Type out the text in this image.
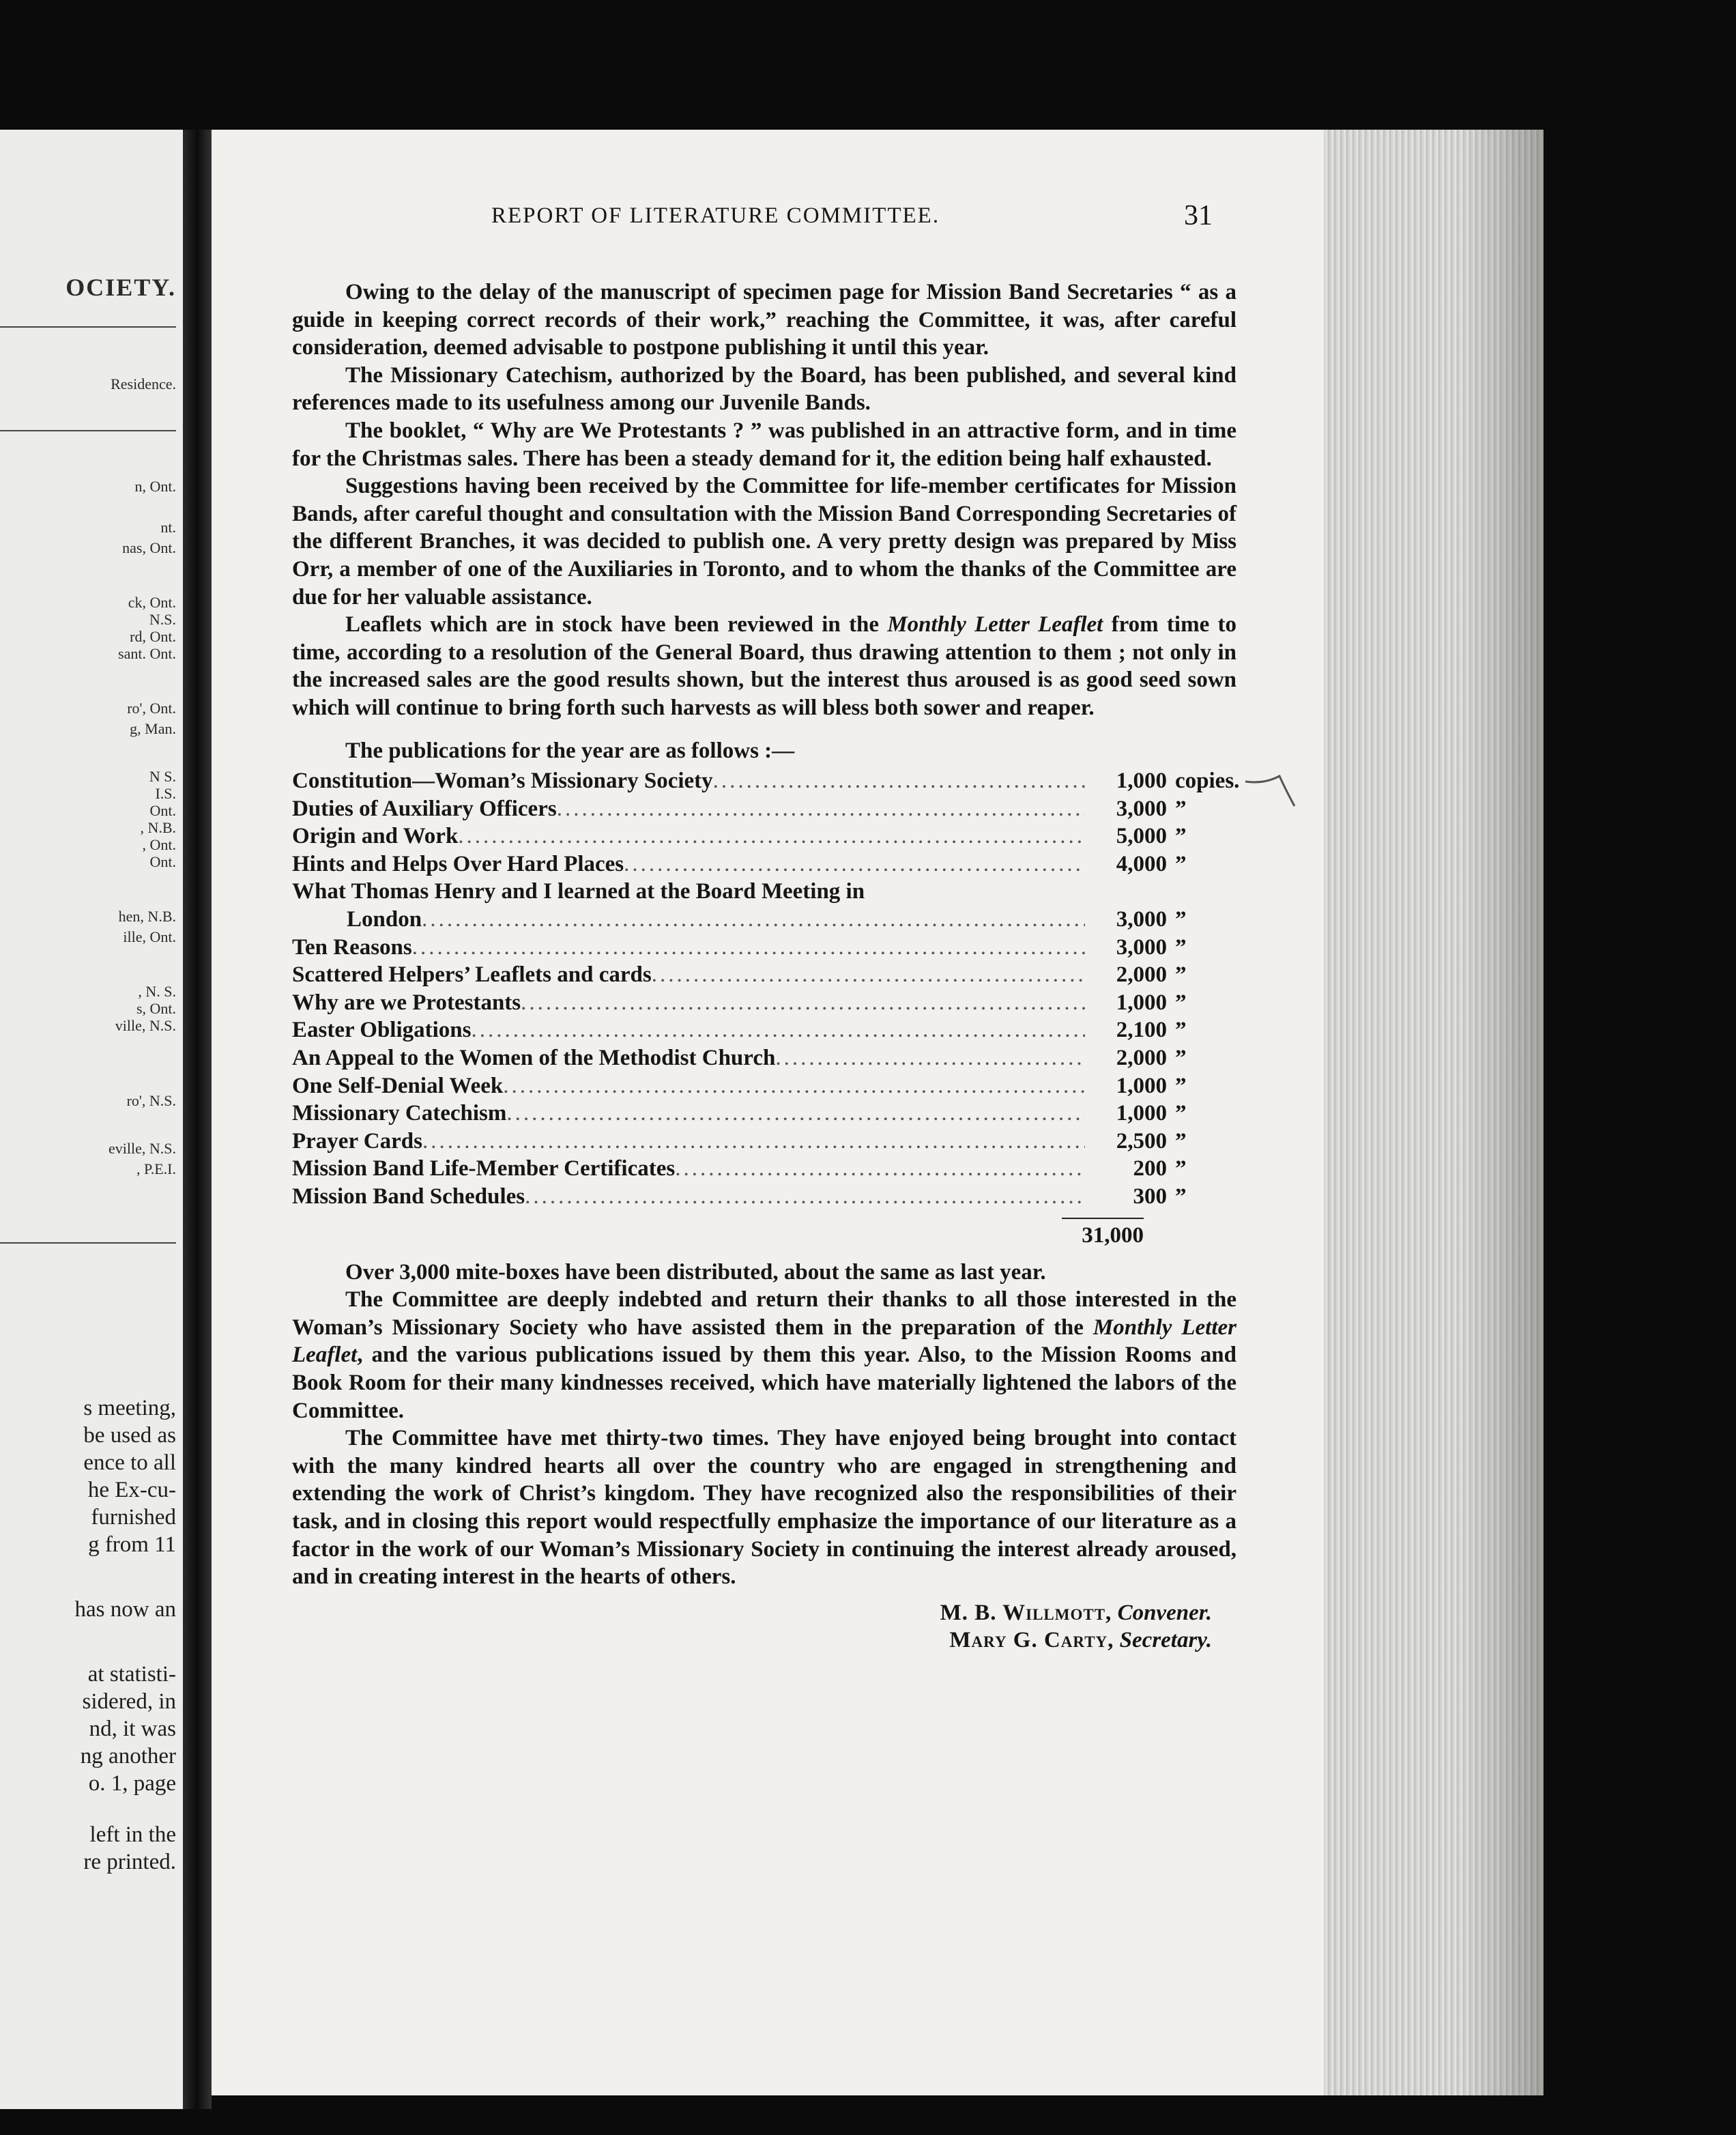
OCIETY.
Residence.
n, Ont.
nt.
nas, Ont.
ck, Ont.
N.S.
rd, Ont.
sant. Ont.
ro', Ont.
g, Man.
N S.
I.S.
Ont.
, N.B.
, Ont.
Ont.
hen, N.B.
ille, Ont.
, N. S.
s, Ont.
ville, N.S.
ro', N.S.
eville, N.S.
, P.E.I.
s meeting,
be used as
ence to all
he Ex-cu-
furnished
g from 11
has now an
at statisti-
sidered, in
nd, it was
ng another
o. 1, page
left in the
re printed.
REPORT OF LITERATURE COMMITTEE.	31

Owing to the delay of the manuscript of specimen page for Mission Band Secretaries “ as a guide in keeping correct records of their work,” reaching the Committee, it was, after careful consideration, deemed advisable to postpone publishing it until this year.

The Missionary Catechism, authorized by the Board, has been published, and several kind references made to its usefulness among our Juvenile Bands.

The booklet, “ Why are We Protestants ? ” was published in an attractive form, and in time for the Christmas sales. There has been a steady demand for it, the edition being half exhausted.

Suggestions having been received by the Committee for life-member certificates for Mission Bands, after careful thought and consultation with the Mission Band Corresponding Secretaries of the different Branches, it was decided to publish one. A very pretty design was prepared by Miss Orr, a member of one of the Auxiliaries in Toronto, and to whom the thanks of the Committee are due for her valuable assistance.

Leaflets which are in stock have been reviewed in the Monthly Letter Leaflet from time to time, according to a resolution of the General Board, thus drawing attention to them ; not only in the increased sales are the good results shown, but the interest thus aroused is as good seed sown which will continue to bring forth such harvests as will bless both sower and reaper.

The publications for the year are as follows :—

Constitution—Woman’s Missionary Society .....	1,000 copies.
Duties of Auxiliary Officers .....	3,000 ”
Origin and Work .....	5,000 ”
Hints and Helps Over Hard Places .....	4,000 ”
What Thomas Henry and I learned at the Board Meeting in
London .....	3,000 ”
Ten Reasons .....	3,000 ”
Scattered Helpers’ Leaflets and cards .....	2,000 ”
Why are we Protestants .....	1,000 ”
Easter Obligations .....	2,100 ”
An Appeal to the Women of the Methodist Church .....	2,000 ”
One Self-Denial Week .....	1,000 ”
Missionary Catechism .....	1,000 ”
Prayer Cards .....	2,500 ”
Mission Band Life-Member Certificates .....	200 ”
Mission Band Schedules .....	300 ”
31,000

Over 3,000 mite-boxes have been distributed, about the same as last year.

The Committee are deeply indebted and return their thanks to all those interested in the Woman’s Missionary Society who have assisted them in the preparation of the Monthly Letter Leaflet, and the various publications issued by them this year. Also, to the Mission Rooms and Book Room for their many kindnesses received, which have materially lightened the labors of the Committee.

The Committee have met thirty-two times. They have enjoyed being brought into contact with the many kindred hearts all over the country who are engaged in strengthening and extending the work of Christ’s kingdom. They have recognized also the responsibilities of their task, and in closing this report would respectfully emphasize the importance of our literature as a factor in the work of our Woman’s Missionary Society in continuing the interest already aroused, and in creating interest in the hearts of others.

M. B. Willmott, Convener.
Mary G. Carty, Secretary.
